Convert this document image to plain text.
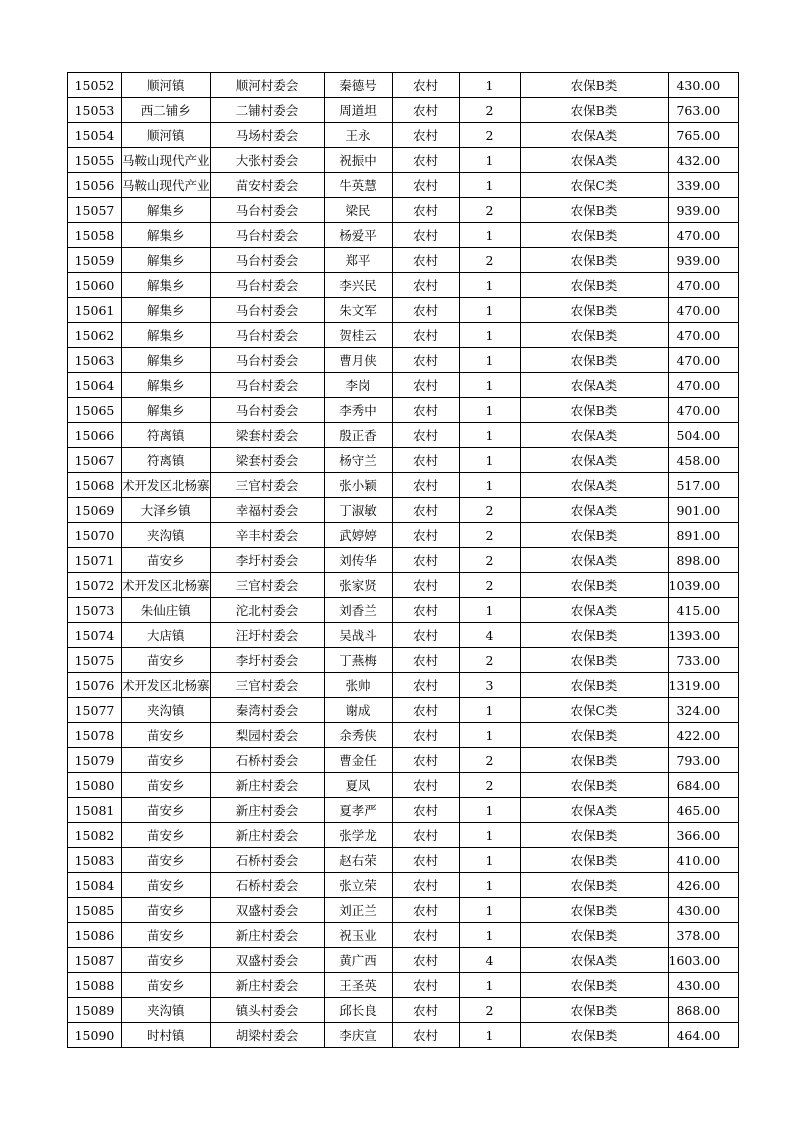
15052	顺河镇	顺河村委会	秦德号	农村	1	农保B类	430.00
15053	西二铺乡	二铺村委会	周道坦	农村	2	农保B类	763.00
15054	顺河镇	马场村委会	王永	农村	2	农保A类	765.00
15055	马鞍山现代产业	大张村委会	祝振中	农村	1	农保A类	432.00
15056	马鞍山现代产业	苗安村委会	牛英慧	农村	1	农保C类	339.00
15057	解集乡	马台村委会	梁民	农村	2	农保B类	939.00
15058	解集乡	马台村委会	杨爱平	农村	1	农保B类	470.00
15059	解集乡	马台村委会	郑平	农村	2	农保B类	939.00
15060	解集乡	马台村委会	李兴民	农村	1	农保B类	470.00
15061	解集乡	马台村委会	朱文军	农村	1	农保B类	470.00
15062	解集乡	马台村委会	贺桂云	农村	1	农保B类	470.00
15063	解集乡	马台村委会	曹月侠	农村	1	农保B类	470.00
15064	解集乡	马台村委会	李岗	农村	1	农保A类	470.00
15065	解集乡	马台村委会	李秀中	农村	1	农保B类	470.00
15066	符离镇	梁套村委会	殷正香	农村	1	农保A类	504.00
15067	符离镇	梁套村委会	杨守兰	农村	1	农保A类	458.00
15068	术开发区北杨寨	三官村委会	张小颖	农村	1	农保A类	517.00
15069	大泽乡镇	幸福村委会	丁淑敏	农村	2	农保A类	901.00
15070	夹沟镇	辛丰村委会	武婷婷	农村	2	农保B类	891.00
15071	苗安乡	李圩村委会	刘传华	农村	2	农保A类	898.00
15072	术开发区北杨寨	三官村委会	张家贤	农村	2	农保B类	1039.00
15073	朱仙庄镇	沱北村委会	刘香兰	农村	1	农保A类	415.00
15074	大店镇	汪圩村委会	吴战斗	农村	4	农保B类	1393.00
15075	苗安乡	李圩村委会	丁燕梅	农村	2	农保B类	733.00
15076	术开发区北杨寨	三官村委会	张帅	农村	3	农保B类	1319.00
15077	夹沟镇	秦湾村委会	谢成	农村	1	农保C类	324.00
15078	苗安乡	梨园村委会	余秀侠	农村	1	农保B类	422.00
15079	苗安乡	石桥村委会	曹金任	农村	2	农保B类	793.00
15080	苗安乡	新庄村委会	夏凤	农村	2	农保B类	684.00
15081	苗安乡	新庄村委会	夏孝严	农村	1	农保A类	465.00
15082	苗安乡	新庄村委会	张学龙	农村	1	农保B类	366.00
15083	苗安乡	石桥村委会	赵右荣	农村	1	农保B类	410.00
15084	苗安乡	石桥村委会	张立荣	农村	1	农保B类	426.00
15085	苗安乡	双盛村委会	刘正兰	农村	1	农保B类	430.00
15086	苗安乡	新庄村委会	祝玉业	农村	1	农保B类	378.00
15087	苗安乡	双盛村委会	黄广西	农村	4	农保A类	1603.00
15088	苗安乡	新庄村委会	王圣英	农村	1	农保B类	430.00
15089	夹沟镇	镇头村委会	邱长良	农村	2	农保B类	868.00
15090	时村镇	胡梁村委会	李庆宣	农村	1	农保B类	464.00
